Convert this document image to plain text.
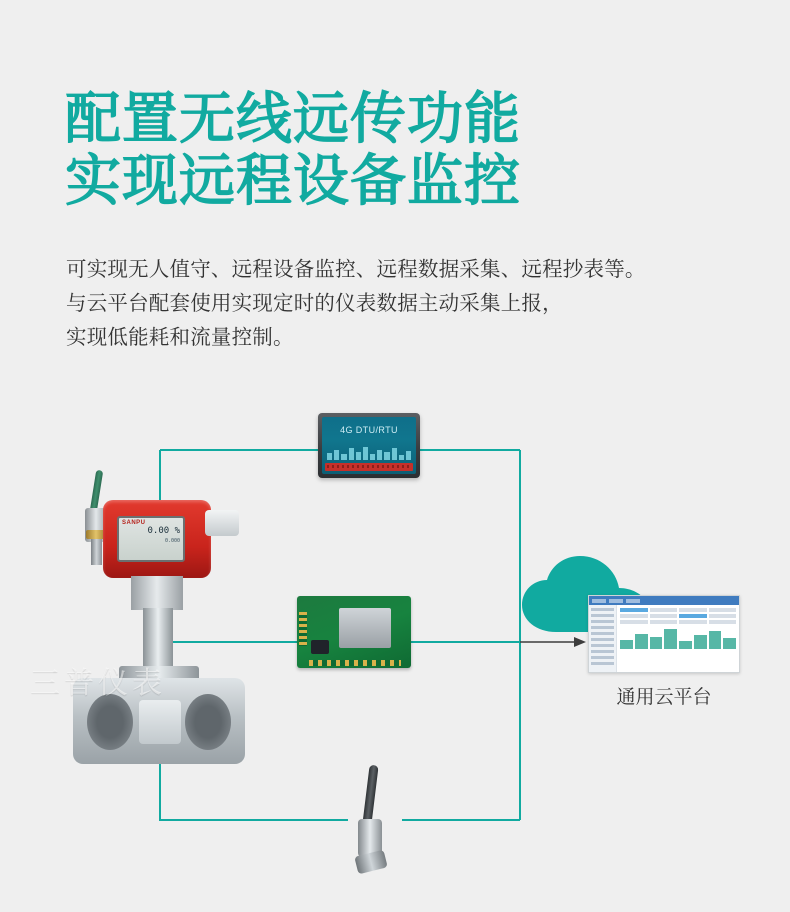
配置无线远传功能
实现远程设备监控
可实现无人值守、远程设备监控、远程数据采集、远程抄表等。
与云平台配套使用实现定时的仪表数据主动采集上报，
实现低能耗和流量控制。
4G DTU/RTU
SANPU
0.00 %
0.000
三普仪表	通用云平台
